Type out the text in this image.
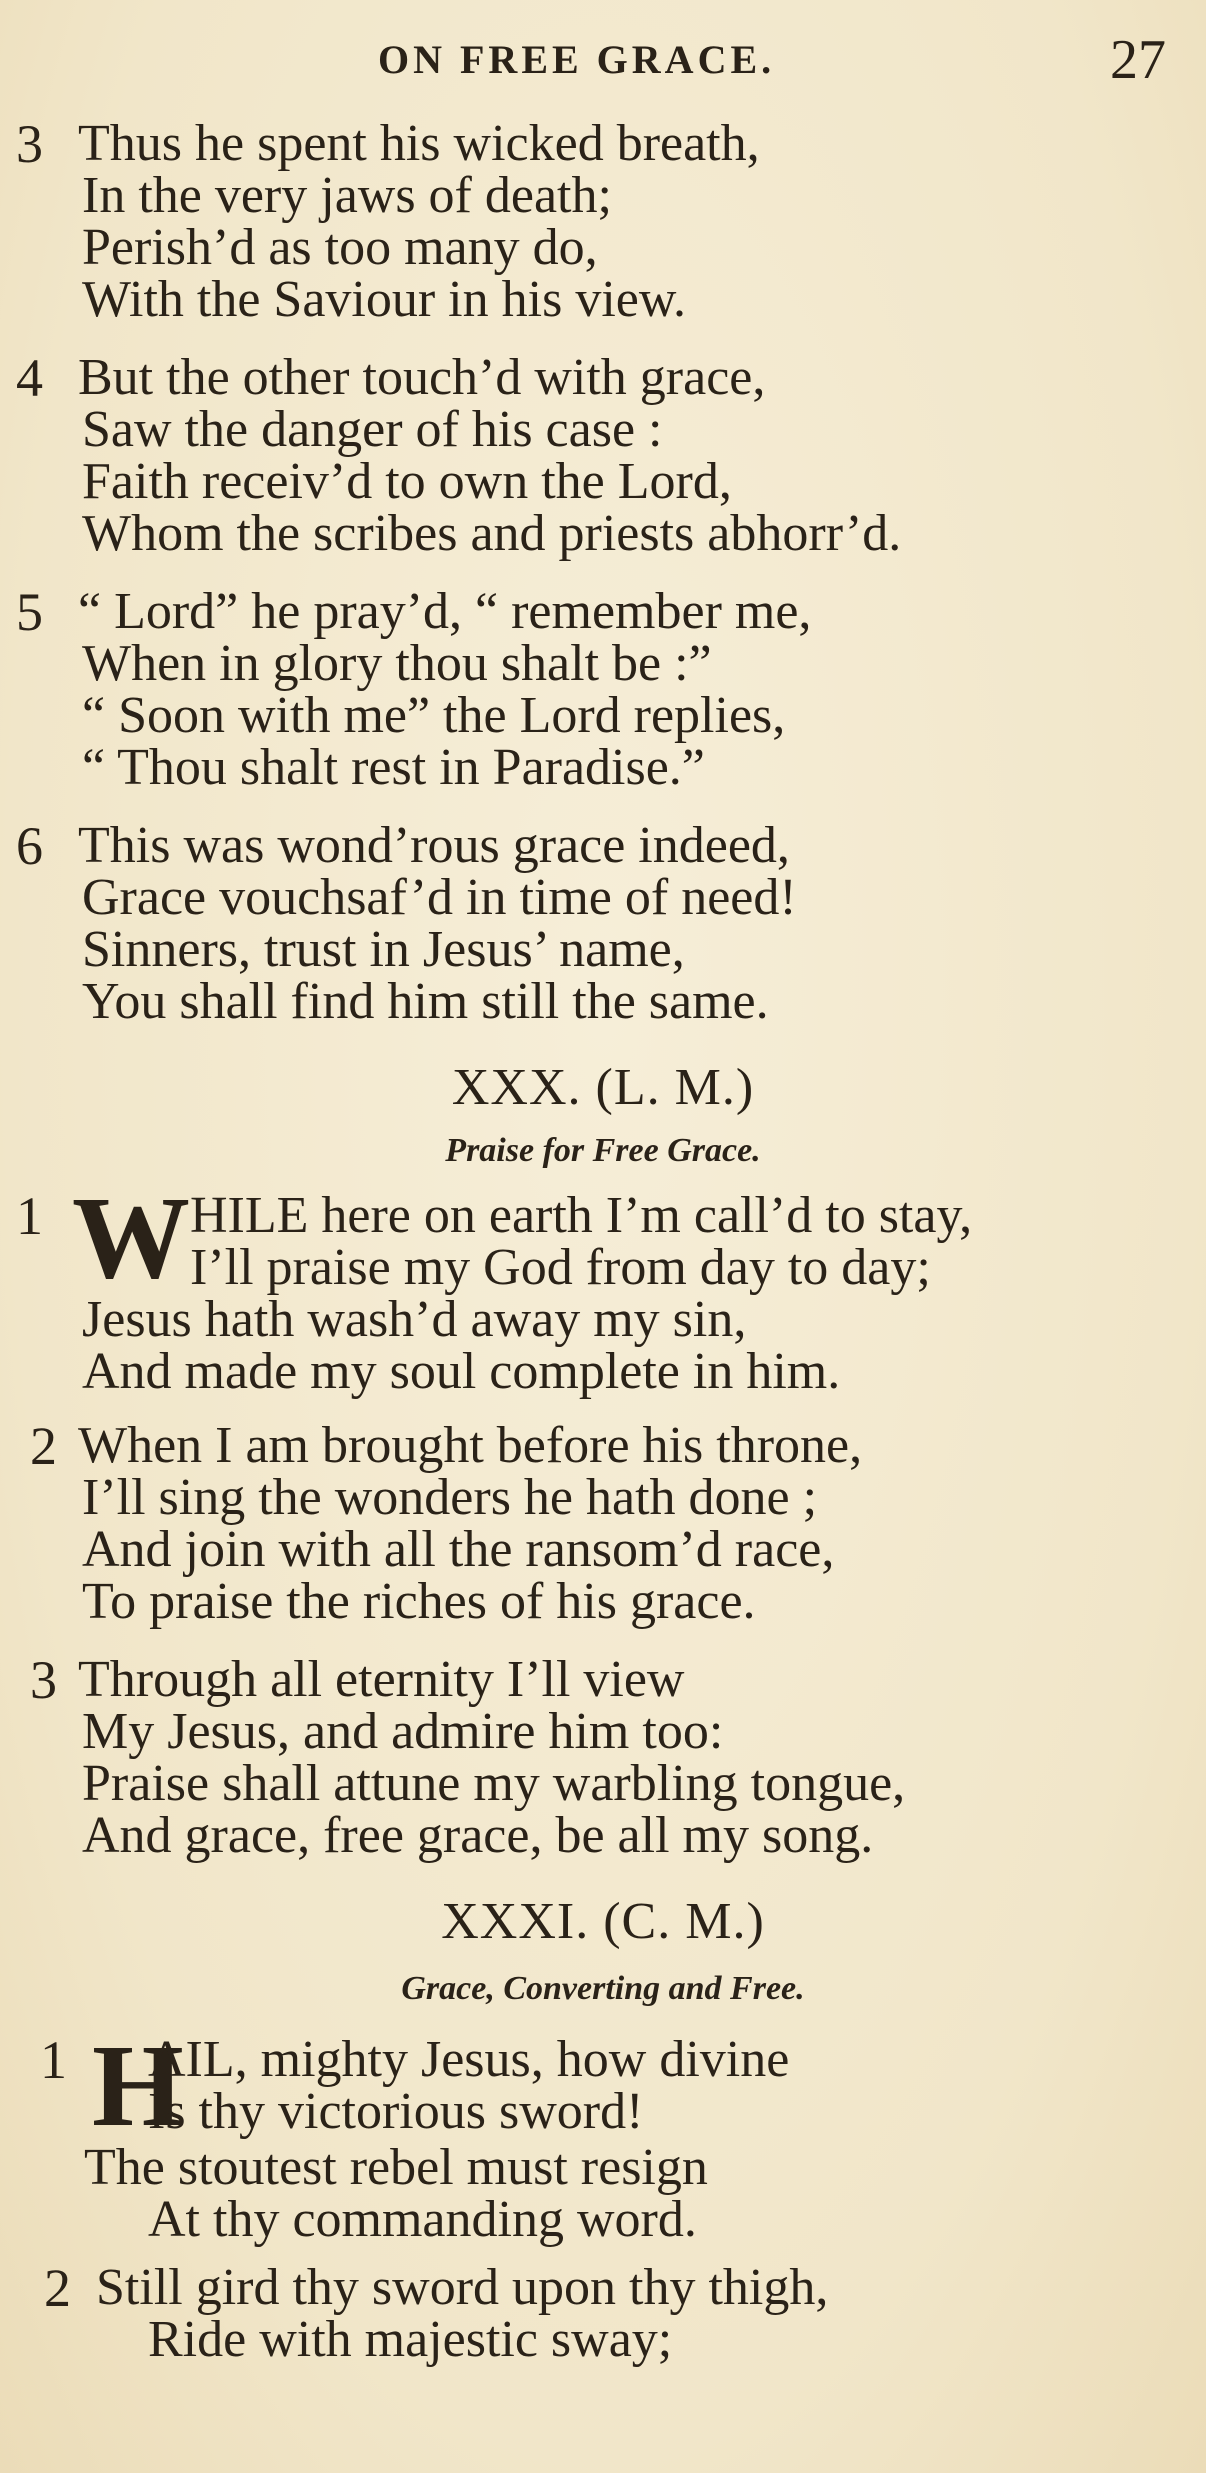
ON FREE GRACE.	27
3 Thus he spent his wicked breath,
In the very jaws of death;
Perish’d as too many do,
With the Saviour in his view.
4 But the other touch’d with grace,
Saw the danger of his case :
Faith receiv’d to own the Lord,
Whom the scribes and priests abhorr’d.
5 “ Lord” he pray’d, “ remember me,
When in glory thou shalt be :”
“ Soon with me” the Lord replies,
“ Thou shalt rest in Paradise.”
6 This was wond’rous grace indeed,
Grace vouchsaf’d in time of need!
Sinners, trust in Jesus’ name,
You shall find him still the same.
XXX. (L. M.)
Praise for Free Grace.
1 W HILE here on earth I’m call’d to stay,
I’ll praise my God from day to day;
Jesus hath wash’d away my sin,
And made my soul complete in him.
2 When I am brought before his throne,
I’ll sing the wonders he hath done ;
And join with all the ransom’d race,
To praise the riches of his grace.
3 Through all eternity I’ll view
My Jesus, and admire him too:
Praise shall attune my warbling tongue,
And grace, free grace, be all my song.
XXXI. (C. M.)
Grace, Converting and Free.
1 H
AIL, mighty Jesus, how divine
Is thy victorious sword!
The stoutest rebel must resign
At thy commanding word.
2 Still gird thy sword upon thy thigh,
Ride with majestic sway;
